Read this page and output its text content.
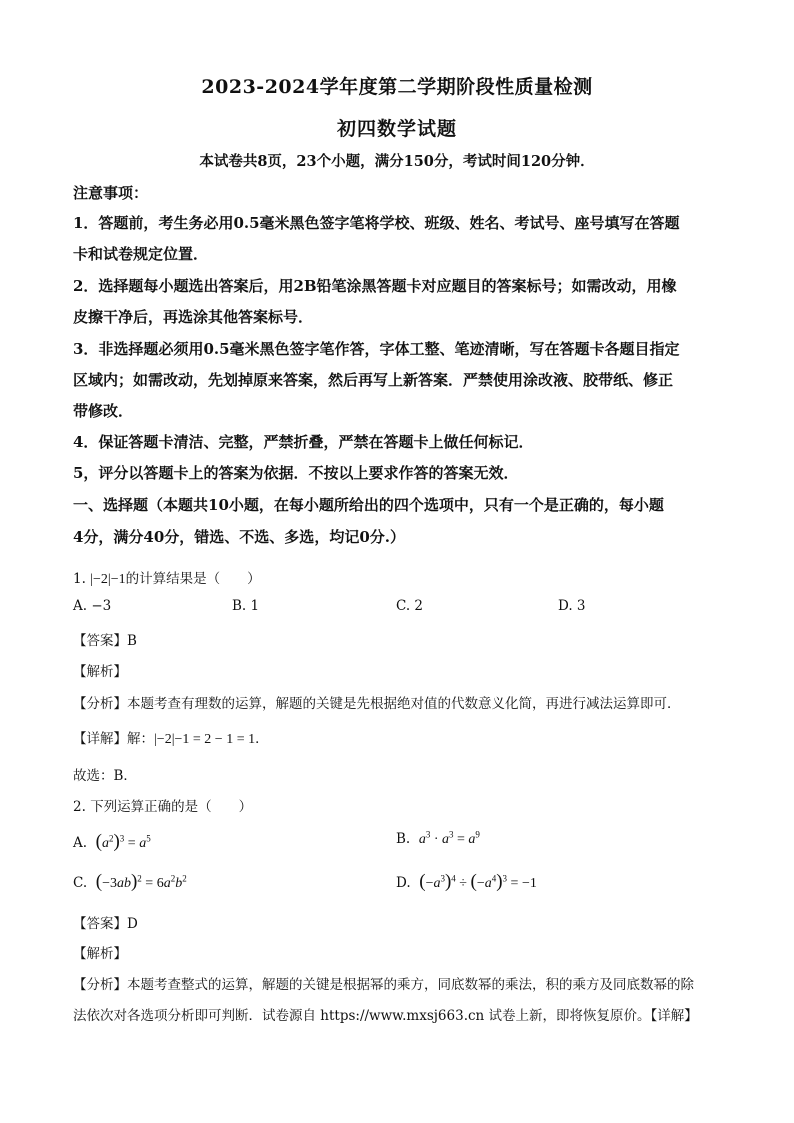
2023-2024学年度第二学期阶段性质量检测
初四数学试题
本试卷共8页，23个小题，满分150分，考试时间120分钟．
注意事项：
1．答题前，考生务必用0.5毫米黑色签字笔将学校、班级、姓名、考试号、座号填写在答题
卡和试卷规定位置．
2．选择题每小题选出答案后，用2B铅笔涂黑答题卡对应题目的答案标号；如需改动，用橡
皮擦干净后，再选涂其他答案标号．
3．非选择题必须用0.5毫米黑色签字笔作答，字体工整、笔迹清晰，写在答题卡各题目指定
区域内；如需改动，先划掉原来答案，然后再写上新答案．严禁使用涂改液、胶带纸、修正
带修改．
4．保证答题卡清洁、完整，严禁折叠，严禁在答题卡上做任何标记．
5，评分以答题卡上的答案为依据．不按以上要求作答的答案无效．
一、选择题（本题共10小题，在每小题所给出的四个选项中，只有一个是正确的，每小题
4分，满分40分，错选、不选、多选，均记0分.）
1. |−2|−1的计算结果是（　　）
A. −3	B. 1	C. 2	D. 3
【答案】B
【解析】
【分析】本题考查有理数的运算，解题的关键是先根据绝对值的代数意义化简，再进行减法运算即可．
【详解】解：|−2|−1 = 2 − 1 = 1．
故选：B．
2. 下列运算正确的是（　　）
A. $(a^2)^3 = a^5$	B. $a^3 \cdot a^3 = a^9$
C. $(-3ab)^2 = 6a^2b^2$	D. $(-a^3)^4 \div (-a^4)^3 = -1$
【答案】D
【解析】
【分析】本题考查整式的运算，解题的关键是根据幂的乘方，同底数幂的乘法，积的乘方及同底数幂的除
法依次对各选项分析即可判断．试卷源自 https://www.mxsj663.cn 试卷上新，即将恢复原价。【详解】
